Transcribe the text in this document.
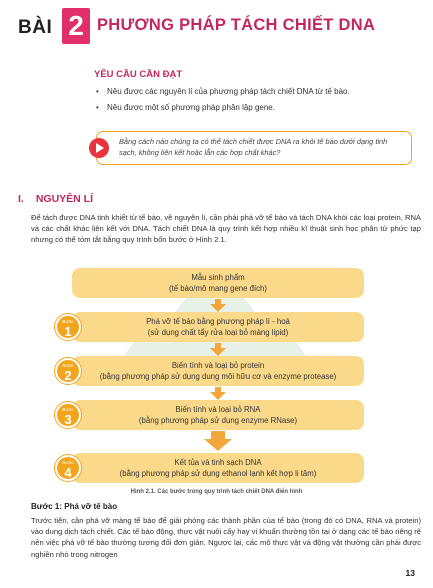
BÀI 2 PHƯƠNG PHÁP TÁCH CHIẾT DNA
YÊU CẦU CẦN ĐẠT
• Nêu được các nguyên lí của phương pháp tách chiết DNA từ tế bào.
• Nêu được một số phương pháp phân lập gene.
Bằng cách nào chúng ta có thể tách chiết được DNA ra khỏi tế bào dưới dạng tinh sạch, không liên kết hoặc lẫn các hợp chất khác?
I. NGUYÊN LÍ
Để tách được DNA tinh khiết từ tế bào, về nguyên lí, cần phải phá vỡ tế bào và tách DNA khỏi các loại protein, RNA và các chất khác liên kết với DNA. Tách chiết DNA là quy trình kết hợp nhiều kĩ thuật sinh học phân tử phức tạp nhưng có thể tóm tắt bằng quy trình bốn bước ở Hình 2.1.
Mẫu sinh phẩm
(tế bào/mô mang gene đích)
Phá vỡ tế bào bằng phương pháp lí - hoá
(sử dụng chất tẩy rửa loại bỏ màng lipid)
Bước
1
Biến tính và loại bỏ protein
(bằng phương pháp sử dụng dung môi hữu cơ và enzyme protease)
Bước
2
Biến tính và loại bỏ RNA
(bằng phương pháp sử dụng enzyme RNase)
Bước
3
Kết tủa và tinh sạch DNA
(bằng phương pháp sử dụng ethanol lạnh kết hợp li tâm)
Bước
4
Hình 2.1. Các bước trong quy trình tách chiết DNA điển hình
Bước 1: Phá vỡ tế bào
Trước tiên, cần phá vỡ màng tế bào để giải phóng các thành phần của tế bào (trong đó có DNA, RNA và protein) vào dung dịch tách chiết. Các tế bào động, thực vật nuôi cấy hay vi khuẩn thường tồn tại ở dạng các tế bào riêng rẽ nên việc phá vỡ tế bào thường tương đối đơn giản. Ngược lại, các mô thực vật và động vật thường cần phải được nghiền nhỏ trong nitrogen
13
